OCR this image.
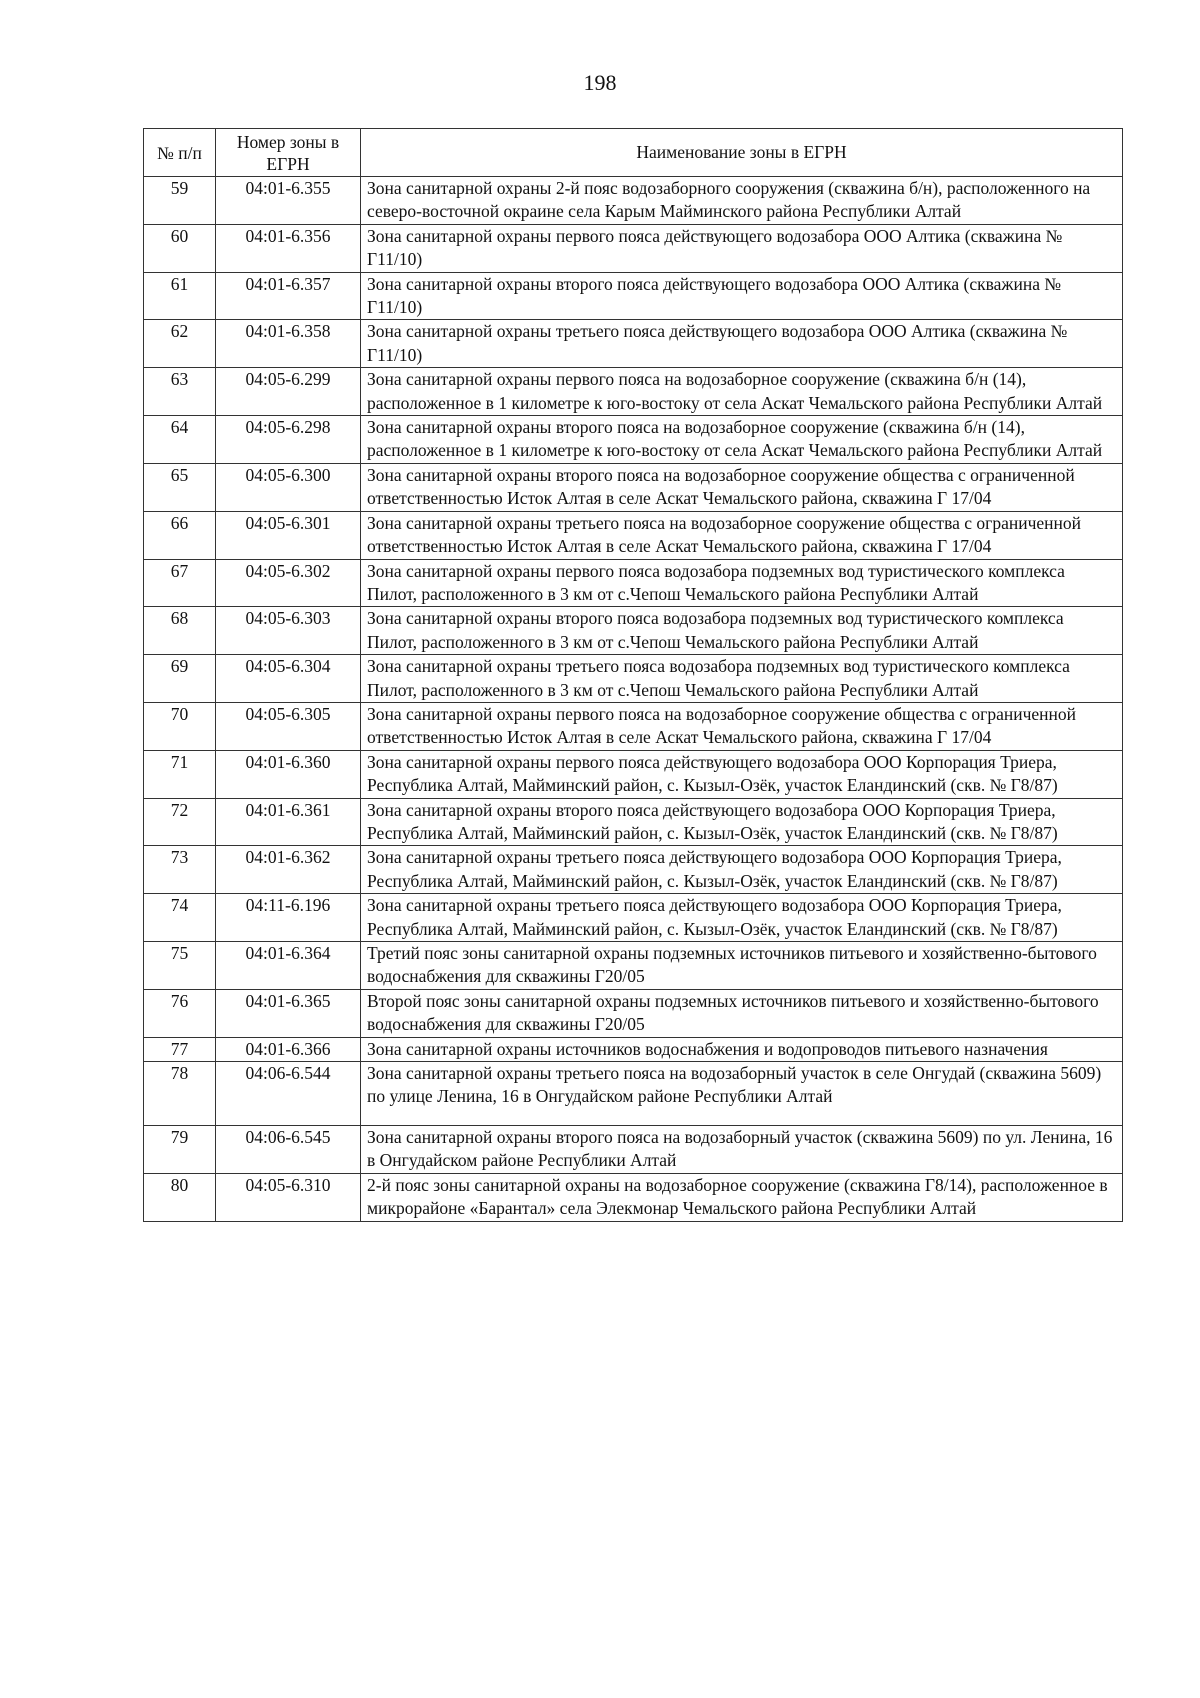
198
№ п/п	Номер зоны в ЕГРН	Наименование зоны в ЕГРН
59	04:01-6.355	Зона санитарной охраны 2-й пояс водозаборного сооружения (скважина б/н), расположенного на северо-восточной окраине села Карым Майминского района Республики Алтай
60	04:01-6.356	Зона санитарной охраны первого пояса действующего водозабора ООО Алтика (скважина № Г11/10)
61	04:01-6.357	Зона санитарной охраны второго пояса действующего водозабора ООО Алтика (скважина № Г11/10)
62	04:01-6.358	Зона санитарной охраны третьего пояса действующего водозабора ООО Алтика (скважина № Г11/10)
63	04:05-6.299	Зона санитарной охраны первого пояса на водозаборное сооружение (скважина б/н (14), расположенное в 1 километре к юго-востоку от села Аскат Чемальского района Республики Алтай
64	04:05-6.298	Зона санитарной охраны второго пояса на водозаборное сооружение (скважина б/н (14), расположенное в 1 километре к юго-востоку от села Аскат Чемальского района Республики Алтай
65	04:05-6.300	Зона санитарной охраны второго пояса на водозаборное сооружение общества с ограниченной ответственностью Исток Алтая в селе Аскат Чемальского района, скважина Г 17/04
66	04:05-6.301	Зона санитарной охраны третьего пояса на водозаборное сооружение общества с ограниченной ответственностью Исток Алтая в селе Аскат Чемальского района, скважина Г 17/04
67	04:05-6.302	Зона санитарной охраны первого пояса водозабора подземных вод туристического комплекса Пилот, расположенного в 3 км от с.Чепош Чемальского района Республики Алтай
68	04:05-6.303	Зона санитарной охраны второго пояса водозабора подземных вод туристического комплекса Пилот, расположенного в 3 км от с.Чепош Чемальского района Республики Алтай
69	04:05-6.304	Зона санитарной охраны третьего пояса водозабора подземных вод туристического комплекса Пилот, расположенного в 3 км от с.Чепош Чемальского района Республики Алтай
70	04:05-6.305	Зона санитарной охраны первого пояса на водозаборное сооружение общества с ограниченной ответственностью Исток Алтая в селе Аскат Чемальского района, скважина Г 17/04
71	04:01-6.360	Зона санитарной охраны первого пояса действующего водозабора ООО Корпорация Триера, Республика Алтай, Майминский район, с. Кызыл-Озёк, участок Еландинский (скв. № Г8/87)
72	04:01-6.361	Зона санитарной охраны второго пояса действующего водозабора ООО Корпорация Триера, Республика Алтай, Майминский район, с. Кызыл-Озёк, участок Еландинский (скв. № Г8/87)
73	04:01-6.362	Зона санитарной охраны третьего пояса действующего водозабора ООО Корпорация Триера, Республика Алтай, Майминский район, с. Кызыл-Озёк, участок Еландинский (скв. № Г8/87)
74	04:11-6.196	Зона санитарной охраны третьего пояса действующего водозабора ООО Корпорация Триера, Республика Алтай, Майминский район, с. Кызыл-Озёк, участок Еландинский (скв. № Г8/87)
75	04:01-6.364	Третий пояс зоны санитарной охраны подземных источников питьевого и хозяйственно-бытового водоснабжения для скважины Г20/05
76	04:01-6.365	Второй пояс зоны санитарной охраны подземных источников питьевого и хозяйственно-бытового водоснабжения для скважины Г20/05
77	04:01-6.366	Зона санитарной охраны источников водоснабжения и водопроводов питьевого назначения
78	04:06-6.544	Зона санитарной охраны третьего пояса на водозаборный участок в селе Онгудай (скважина 5609) по улице Ленина, 16 в Онгудайском районе Республики Алтай
79	04:06-6.545	Зона санитарной охраны второго пояса на водозаборный участок (скважина 5609) по ул. Ленина, 16 в Онгудайском районе Республики Алтай
80	04:05-6.310	2-й пояс зоны санитарной охраны на водозаборное сооружение (скважина Г8/14), расположенное в микрорайоне «Барантал» села Элекмонар Чемальского района Республики Алтай
